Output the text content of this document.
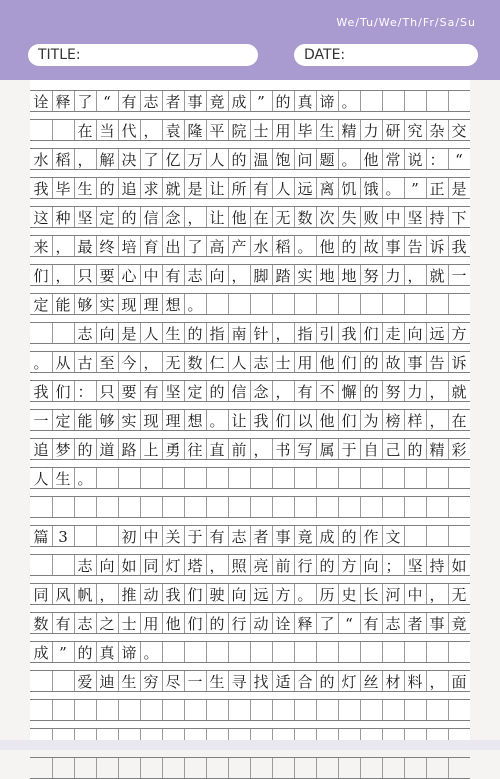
We/Tu/We/Th/Fr/Sa/Su
TITLE:	DATE:
诠 释 了 “ 有 志 者 事 竟 成 ” 的 真 谛 。
在 当 代 ， 袁 隆 平 院 士 用 毕 生 精 力 研 究 杂 交
水 稻 ， 解 决 了 亿 万 人 的 温 饱 问 题 。 他 常 说 ： “
我 毕 生 的 追 求 就 是 让 所 有 人 远 离 饥 饿 。 ” 正 是
这 种 坚 定 的 信 念 ， 让 他 在 无 数 次 失 败 中 坚 持 下
来 ， 最 终 培 育 出 了 高 产 水 稻 。 他 的 故 事 告 诉 我
们 ， 只 要 心 中 有 志 向 ， 脚 踏 实 地 地 努 力 ， 就 一
定 能 够 实 现 理 想 。
志 向 是 人 生 的 指 南 针 ， 指 引 我 们 走 向 远 方
。 从 古 至 今 ， 无 数 仁 人 志 士 用 他 们 的 故 事 告 诉
我 们 ： 只 要 有 坚 定 的 信 念 ， 有 不 懈 的 努 力 ， 就
一 定 能 够 实 现 理 想 。 让 我 们 以 他 们 为 榜 样 ， 在
追 梦 的 道 路 上 勇 往 直 前 ， 书 写 属 于 自 己 的 精 彩
人 生 。
篇 3	初 中 关 于 有 志 者 事 竟 成 的 作 文
志 向 如 同 灯 塔 ， 照 亮 前 行 的 方 向 ； 坚 持 如
同 风 帆 ， 推 动 我 们 驶 向 远 方 。 历 史 长 河 中 ， 无
数 有 志 之 士 用 他 们 的 行 动 诠 释 了 “ 有 志 者 事 竟
成 ” 的 真 谛 。
爱 迪 生 穷 尽 一 生 寻 找 适 合 的 灯 丝 材 料 ， 面
